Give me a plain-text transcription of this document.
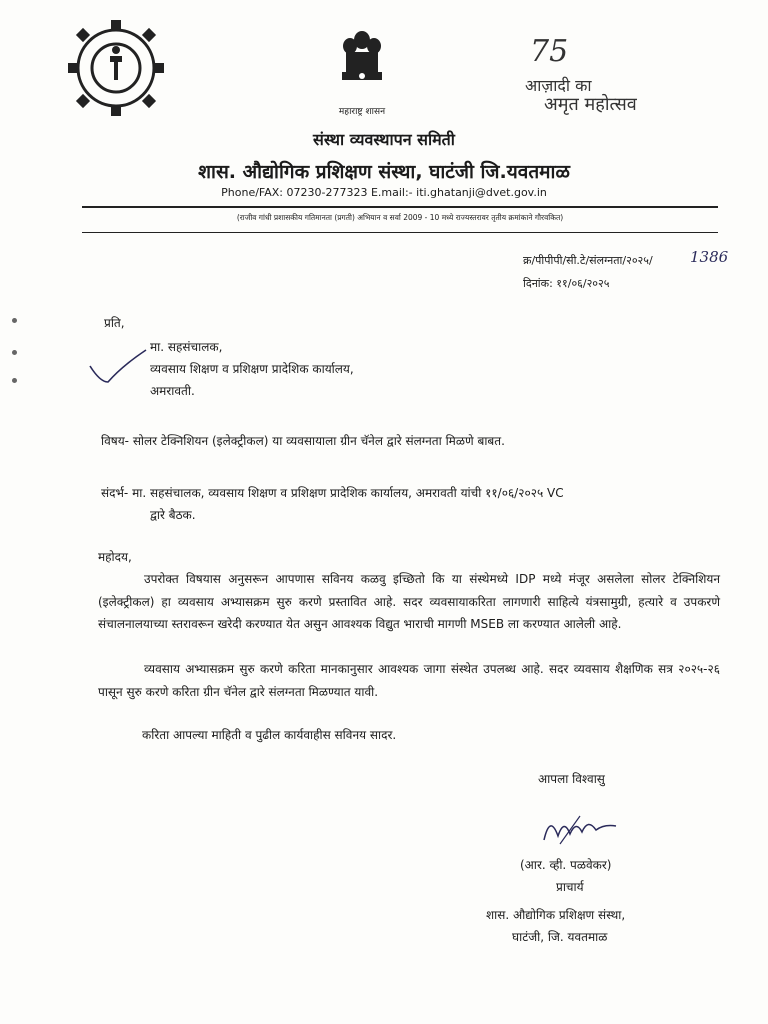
महाराष्ट्र शासन
75
आज़ादी का
अमृत महोत्सव
संस्था व्यवस्थापन समिती
शास. औद्योगिक प्रशिक्षण संस्था, घाटंजी जि.यवतमाळ
Phone/FAX: 07230-277323 E.mail:- iti.ghatanji@dvet.gov.in
(राजीव गांधी प्रशासकीय गतिमानता (प्रगती) अभियान व सर्वा 2009 - 10 मध्ये राज्यस्तरावर तृतीय क्रमांकाने गौरवकित)
क्र/पीपीपी/सी.टे/संलग्नता/२०२५/ 1386
दिनांक: ११/०६/२०२५
प्रति,
मा. सहसंचालक,
व्यवसाय शिक्षण व प्रशिक्षण प्रादेशिक कार्यालय,
अमरावती.
विषय- सोलर टेक्निशियन (इलेक्ट्रीकल) या व्यवसायाला ग्रीन चॅनेल द्वारे संलग्नता मिळणे बाबत.
संदर्भ- मा. सहसंचालक, व्यवसाय शिक्षण व प्रशिक्षण प्रादेशिक कार्यालय, अमरावती यांची ११/०६/२०२५ VC
द्वारे बैठक.
महोदय,
उपरोक्त विषयास अनुसरून आपणास सविनय कळवु इच्छितो कि या संस्थेमध्ये IDP मध्ये मंजूर असलेला सोलर टेक्निशियन (इलेक्ट्रीकल) हा व्यवसाय अभ्यासक्रम सुरु करणे प्रस्तावित आहे. सदर व्यवसायाकरिता लागणारी साहित्ये यंत्रसामुग्री, हत्यारे व उपकरणे संचालनालयाच्या स्तरावरून खरेदी करण्यात येत असुन आवश्यक विद्युत भाराची मागणी MSEB ला करण्यात आलेली आहे.
व्यवसाय अभ्यासक्रम सुरु करणे करिता मानकानुसार आवश्यक जागा संस्थेत उपलब्ध आहे. सदर व्यवसाय शैक्षणिक सत्र २०२५-२६ पासून सुरु करणे करिता ग्रीन चॅनेल द्वारे संलग्नता मिळण्यात यावी.
करिता आपल्या माहिती व पुढील कार्यवाहीस सविनय सादर.
आपला विश्वासु
(आर. व्ही. पळवेकर)
प्राचार्य
शास. औद्योगिक प्रशिक्षण संस्था,
घाटंजी, जि. यवतमाळ
